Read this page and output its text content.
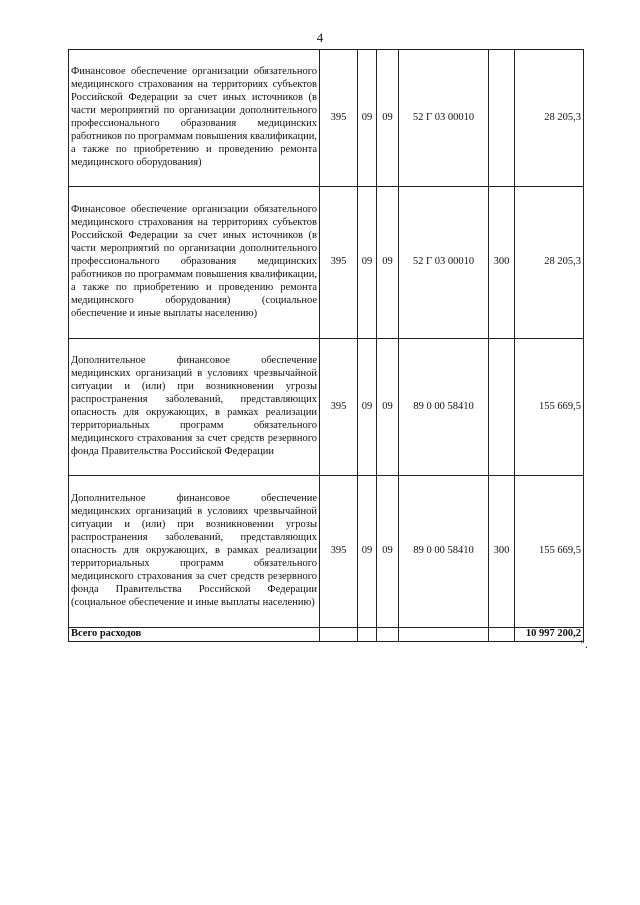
4
Финансовое обеспечение организации обязательного медицинского страхования на территориях субъектов Российской Федерации за счет иных источников (в части мероприятий по организации дополнительного профессионального образования медицинских работников по программам повышения квалификации, а также по приобретению и проведению ремонта медицинского оборудования)	395	09	09	52 Г 03 00010		28 205,3
Финансовое обеспечение организации обязательного медицинского страхования на территориях субъектов Российской Федерации за счет иных источников (в части мероприятий по организации дополнительного профессионального образования медицинских работников по программам повышения квалификации, а также по приобретению и проведению ремонта медицинского оборудования) (социальное обеспечение и иные выплаты населению)	395	09	09	52 Г 03 00010	300	28 205,3
Дополнительное финансовое обеспечение медицинских организаций в условиях чрезвычайной ситуации и (или) при возникновении угрозы распространения заболеваний, представляющих опасность для окружающих, в рамках реализации территориальных программ обязательного медицинского страхования за счет средств резервного фонда Правительства Российской Федерации	395	09	09	89 0 00 58410		155 669,5
Дополнительное финансовое обеспечение медицинских организаций в условиях чрезвычайной ситуации и (или) при возникновении угрозы распространения заболеваний, представляющих опасность для окружающих, в рамках реализации территориальных программ обязательного медицинского страхования за счет средств резервного фонда Правительства Российской Федерации (социальное обеспечение и иные выплаты населению)	395	09	09	89 0 00 58410	300	155 669,5
Всего расходов						10 997 200,2
".
